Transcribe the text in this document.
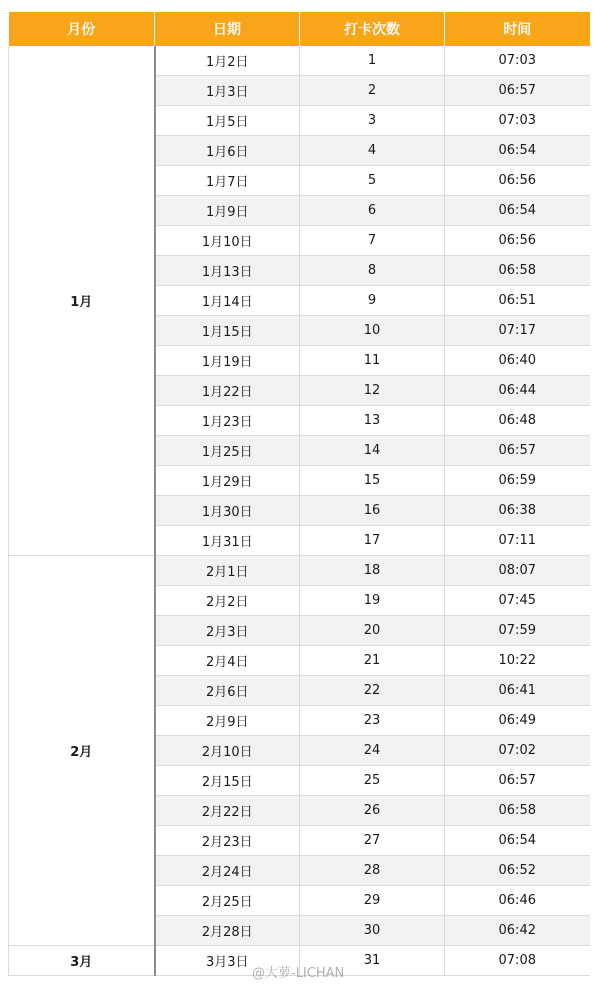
月份	日期	打卡次数	时间
1月	1月2日	1	07:03
	1月3日	2	06:57
	1月5日	3	07:03
	1月6日	4	06:54
	1月7日	5	06:56
	1月9日	6	06:54
	1月10日	7	06:56
	1月13日	8	06:58
	1月14日	9	06:51
	1月15日	10	07:17
	1月19日	11	06:40
	1月22日	12	06:44
	1月23日	13	06:48
	1月25日	14	06:57
	1月29日	15	06:59
	1月30日	16	06:38
	1月31日	17	07:11
2月	2月1日	18	08:07
	2月2日	19	07:45
	2月3日	20	07:59
	2月4日	21	10:22
	2月6日	22	06:41
	2月9日	23	06:49
	2月10日	24	07:02
	2月15日	25	06:57
	2月22日	26	06:58
	2月23日	27	06:54
	2月24日	28	06:52
	2月25日	29	06:46
	2月28日	30	06:42
3月	3月3日	31	07:08
@大萝-LICHAN
